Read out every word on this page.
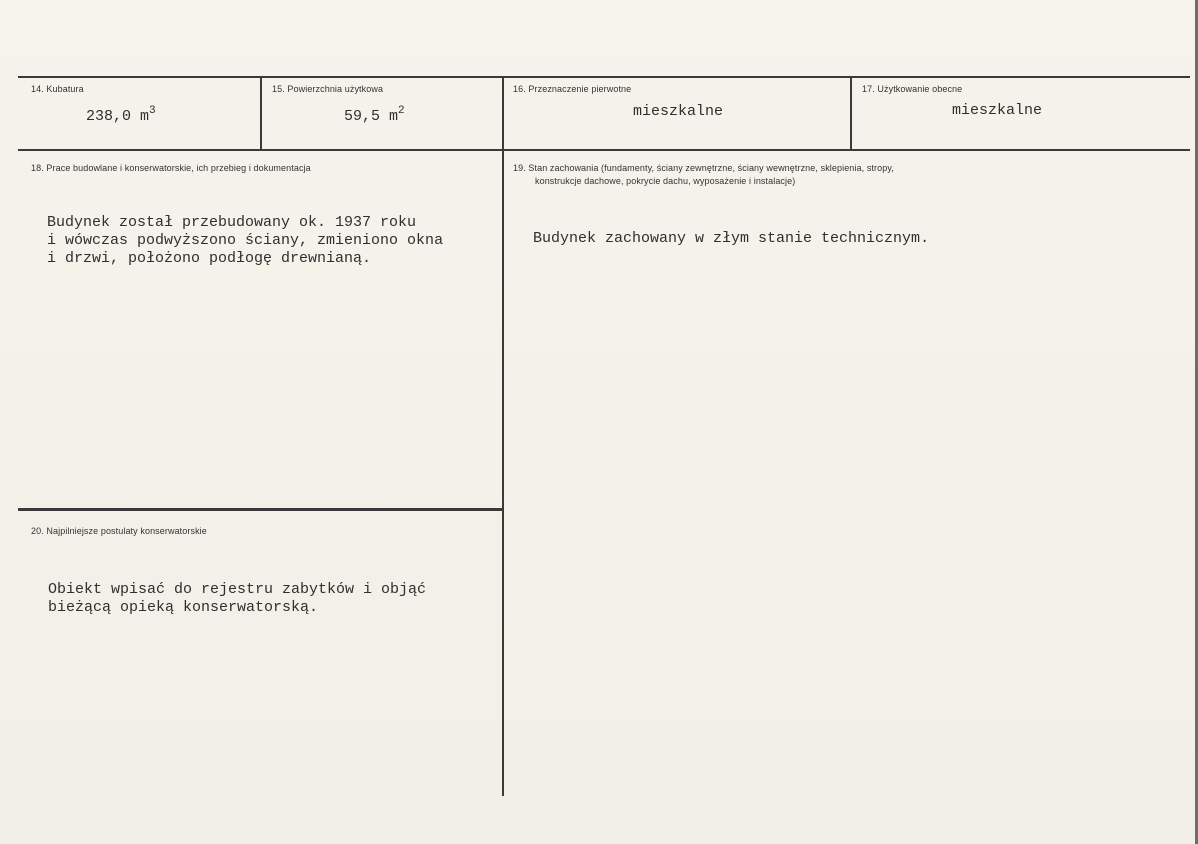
14. Kubatura
238,0 $m^3$
15. Powierzchnia użytkowa
59,5 $m^2$
16. Przeznaczenie pierwotne
mieszkalne
17. Użytkowanie obecne
mieszkalne
18. Prace budowlane i konserwatorskie, ich przebieg i dokumentacja
Budynek został przebudowany ok. 1937 roku
i wówczas podwyższono ściany, zmieniono okna
i drzwi, położono podłogę drewnianą.
19. Stan zachowania (fundamenty, ściany zewnętrzne, ściany wewnętrzne, sklepienia, stropy,
konstrukcje dachowe, pokrycie dachu, wyposażenie i instalacje)
Budynek zachowany w złym stanie technicznym.
20. Najpilniejsze postulaty konserwatorskie
Obiekt wpisać do rejestru zabytków i objąć
bieżącą opieką konserwatorską.
